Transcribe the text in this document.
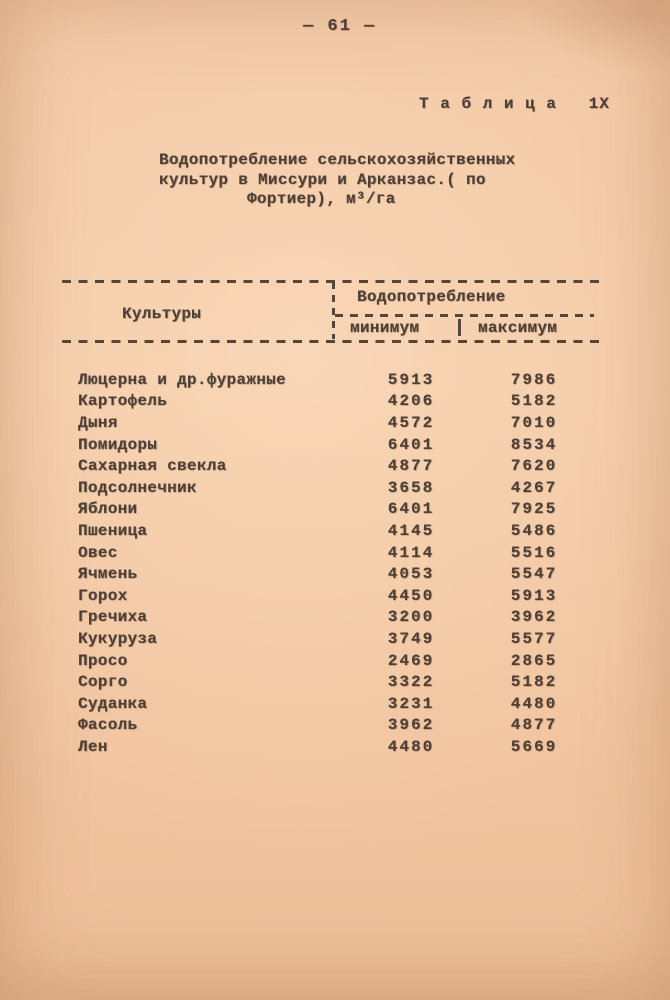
— 61 —
Т а б л и ц а   1Х
Водопотребление сельскохозяйственных
культур в Миссури и Арканзас.( по
Фортиер), м³/га
Культуры
Водопотребление
минимум	максимум
Люцерна и др.фуражные	5913	7986
Картофель	4206	5182
Дыня	4572	7010
Помидоры	6401	8534
Сахарная свекла	4877	7620
Подсолнечник	3658	4267
Яблони	6401	7925
Пшеница	4145	5486
Овес	4114	5516
Ячмень	4053	5547
Горох	4450	5913
Гречиха	3200	3962
Кукуруза	3749	5577
Просо	2469	2865
Сорго	3322	5182
Суданка	3231	4480
Фасоль	3962	4877
Лен	4480	5669
